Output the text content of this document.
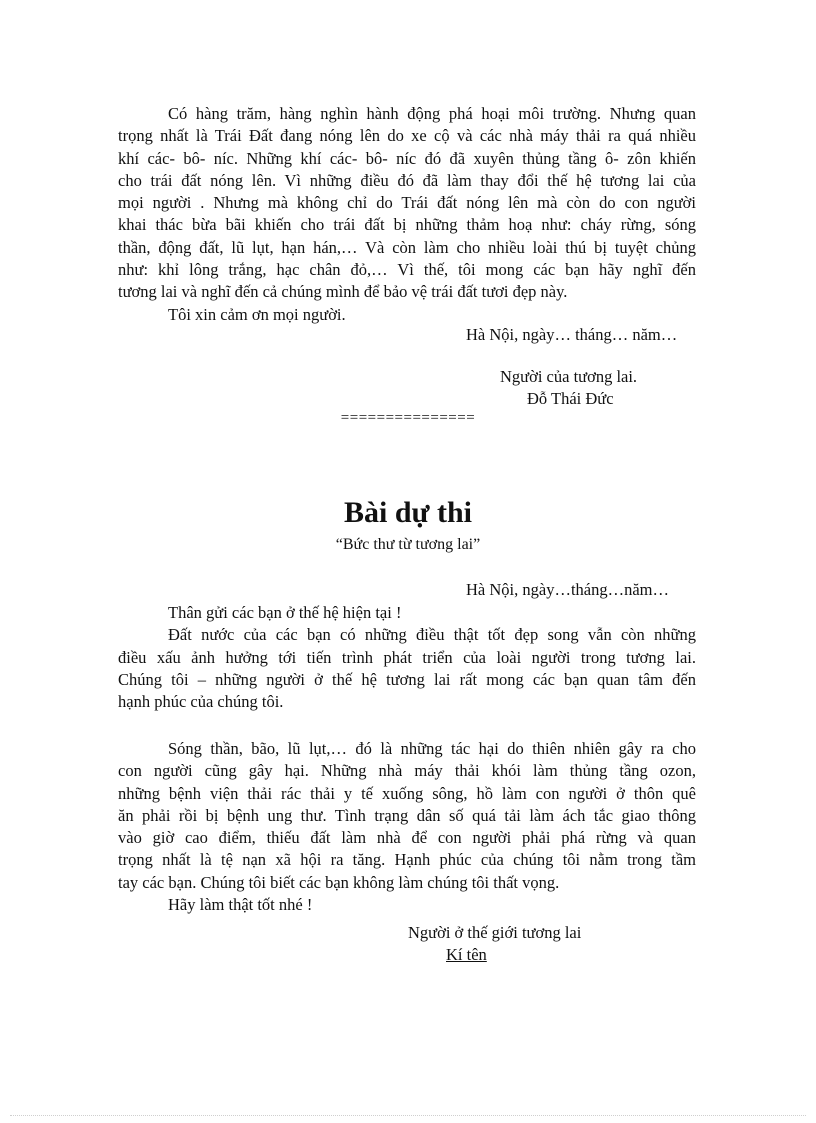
Có hàng trăm, hàng nghìn hành động phá hoại môi trường. Nhưng quan
trọng nhất là Trái Đất đang nóng lên do xe cộ và các nhà máy thải ra quá nhiều
khí các- bô- níc. Những khí các- bô- níc đó đã xuyên thủng tầng ô- zôn khiến
cho trái đất nóng lên. Vì những điều đó đã làm thay đổi thế hệ tương lai của
mọi người . Nhưng mà không chỉ do Trái đất nóng lên mà còn do con người
khai thác bừa bãi khiến cho trái đất bị những thảm hoạ như: cháy rừng, sóng
thần, động đất, lũ lụt, hạn hán,… Và còn làm cho nhiều loài thú bị tuyệt chủng
như: khỉ lông trắng, hạc chân đỏ,… Vì thế, tôi mong các bạn hãy nghĩ đến
tương lai và nghĩ đến cả chúng mình để bảo vệ trái đất tươi đẹp này.
Tôi xin cảm ơn mọi người.
Hà Nội, ngày… tháng… năm…
Người của tương lai.
Đỗ Thái Đức
===============
Bài dự thi
“Bức thư từ tương lai”
Hà Nội, ngày…tháng…năm…
Thân gửi các bạn ở thế hệ hiện tại !
Đất nước của các bạn có những điều thật tốt đẹp song vẫn còn những
điều xấu ảnh hưởng tới tiến trình phát triển của loài người trong tương lai.
Chúng tôi – những người ở thế hệ tương lai rất mong các bạn quan tâm đến
hạnh phúc của chúng tôi.
Sóng thần, bão, lũ lụt,… đó là những tác hại do thiên nhiên gây ra cho
con người cũng gây hại. Những nhà máy thải khói làm thủng tầng ozon,
những bệnh viện thải rác thải y tế xuống sông, hồ làm con người ở thôn quê
ăn phải rồi bị bệnh ung thư. Tình trạng dân số quá tải làm ách tắc giao thông
vào giờ cao điểm, thiếu đất làm nhà để con người phải phá rừng và quan
trọng nhất là tệ nạn xã hội ra tăng. Hạnh phúc của chúng tôi nằm trong tầm
tay các bạn. Chúng tôi biết các bạn không làm chúng tôi thất vọng.
Hãy làm thật tốt nhé !
Người ở thế giới tương lai
Kí tên
